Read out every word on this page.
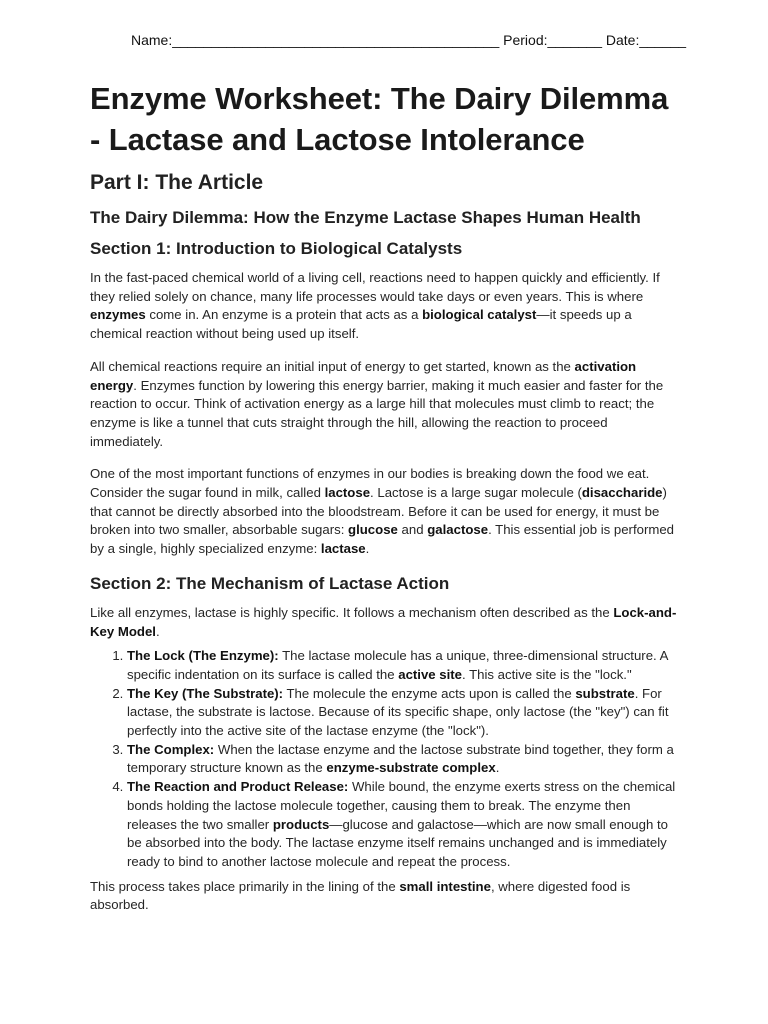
Name:__________________________________________ Period:_______ Date:______
Enzyme Worksheet: The Dairy Dilemma - Lactase and Lactose Intolerance
Part I: The Article
The Dairy Dilemma: How the Enzyme Lactase Shapes Human Health
Section 1: Introduction to Biological Catalysts

In the fast-paced chemical world of a living cell, reactions need to happen quickly and efficiently. If they relied solely on chance, many life processes would take days or even years. This is where enzymes come in. An enzyme is a protein that acts as a biological catalyst—it speeds up a chemical reaction without being used up itself.

All chemical reactions require an initial input of energy to get started, known as the activation energy. Enzymes function by lowering this energy barrier, making it much easier and faster for the reaction to occur. Think of activation energy as a large hill that molecules must climb to react; the enzyme is like a tunnel that cuts straight through the hill, allowing the reaction to proceed immediately.

One of the most important functions of enzymes in our bodies is breaking down the food we eat. Consider the sugar found in milk, called lactose. Lactose is a large sugar molecule (disaccharide) that cannot be directly absorbed into the bloodstream. Before it can be used for energy, it must be broken into two smaller, absorbable sugars: glucose and galactose. This essential job is performed by a single, highly specialized enzyme: lactase.

Section 2: The Mechanism of Lactase Action

Like all enzymes, lactase is highly specific. It follows a mechanism often described as the Lock-and-Key Model.

1. The Lock (The Enzyme): The lactase molecule has a unique, three-dimensional structure. A specific indentation on its surface is called the active site. This active site is the "lock."
2. The Key (The Substrate): The molecule the enzyme acts upon is called the substrate. For lactase, the substrate is lactose. Because of its specific shape, only lactose (the "key") can fit perfectly into the active site of the lactase enzyme (the "lock").
3. The Complex: When the lactase enzyme and the lactose substrate bind together, they form a temporary structure known as the enzyme-substrate complex.
4. The Reaction and Product Release: While bound, the enzyme exerts stress on the chemical bonds holding the lactose molecule together, causing them to break. The enzyme then releases the two smaller products—glucose and galactose—which are now small enough to be absorbed into the body. The lactase enzyme itself remains unchanged and is immediately ready to bind to another lactose molecule and repeat the process.

This process takes place primarily in the lining of the small intestine, where digested food is absorbed.
